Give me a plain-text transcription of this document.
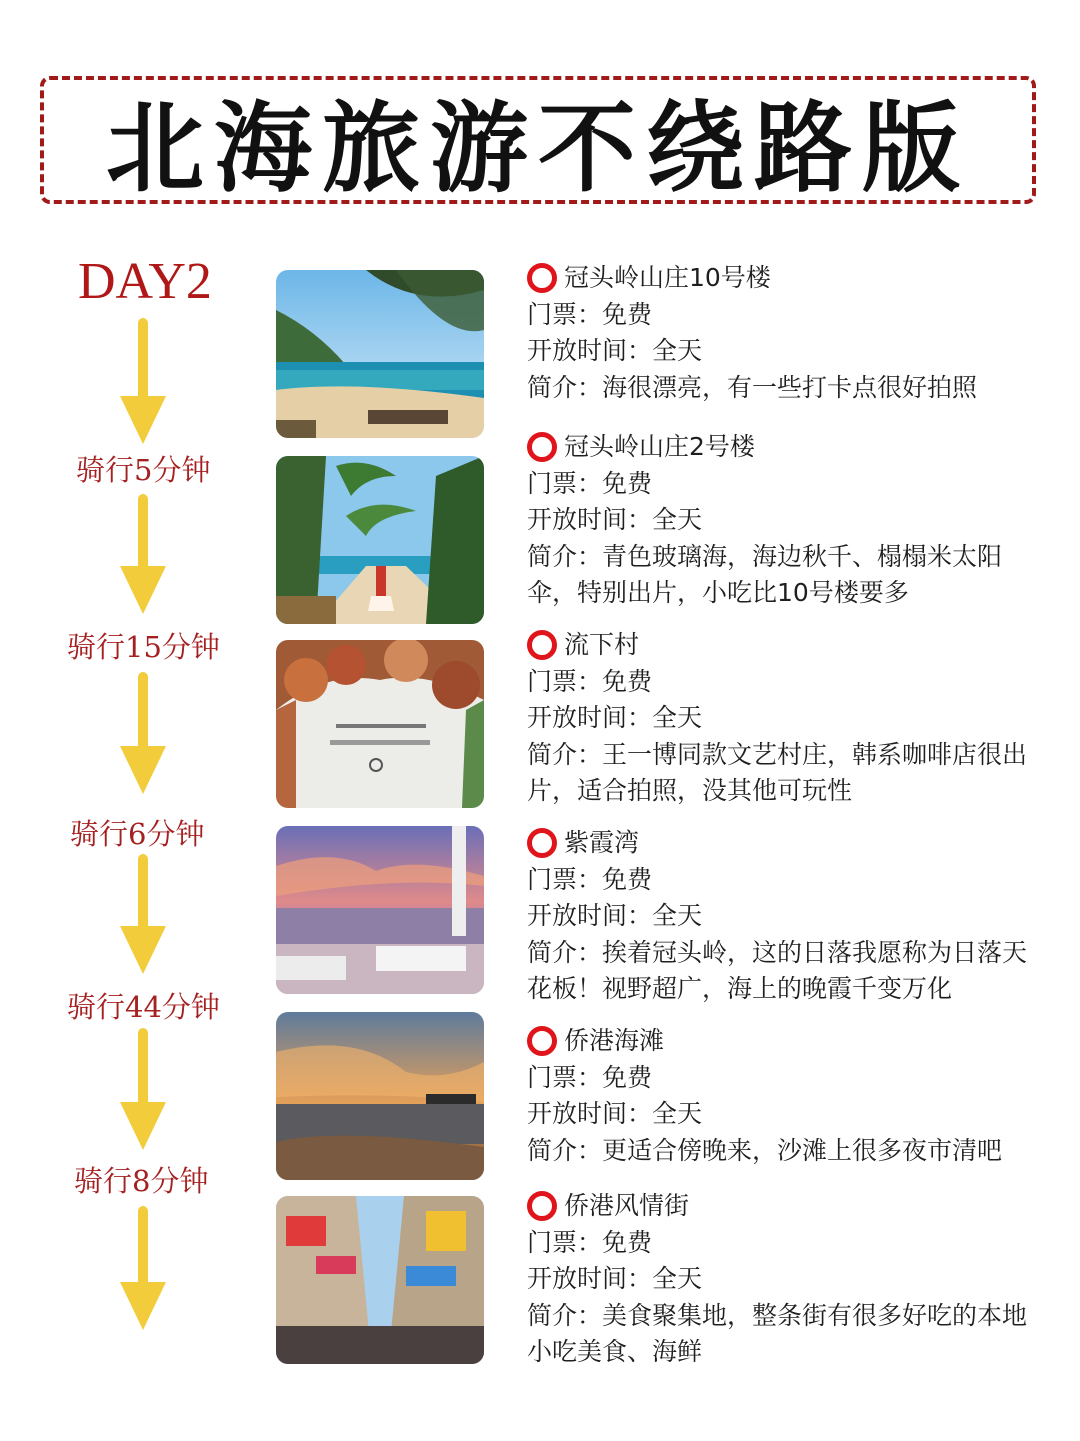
北海旅游不绕路版
DAY2
骑行5分钟
骑行15分钟
骑行6分钟
骑行44分钟
骑行8分钟
冠头岭山庄10号楼
门票：免费
开放时间：全天
简介：海很漂亮，有一些打卡点很好拍照
冠头岭山庄2号楼
门票：免费
开放时间：全天
简介：青色玻璃海，海边秋千、榻榻米太阳伞，特别出片，小吃比10号楼要多
流下村
门票：免费
开放时间：全天
简介：王一博同款文艺村庄，韩系咖啡店很出片，适合拍照，没其他可玩性
紫霞湾
门票：免费
开放时间：全天
简介：挨着冠头岭，这的日落我愿称为日落天花板！视野超广，海上的晚霞千变万化
侨港海滩
门票：免费
开放时间：全天
简介：更适合傍晚来，沙滩上很多夜市清吧
侨港风情街
门票：免费
开放时间：全天
简介：美食聚集地，整条街有很多好吃的本地小吃美食、海鲜
